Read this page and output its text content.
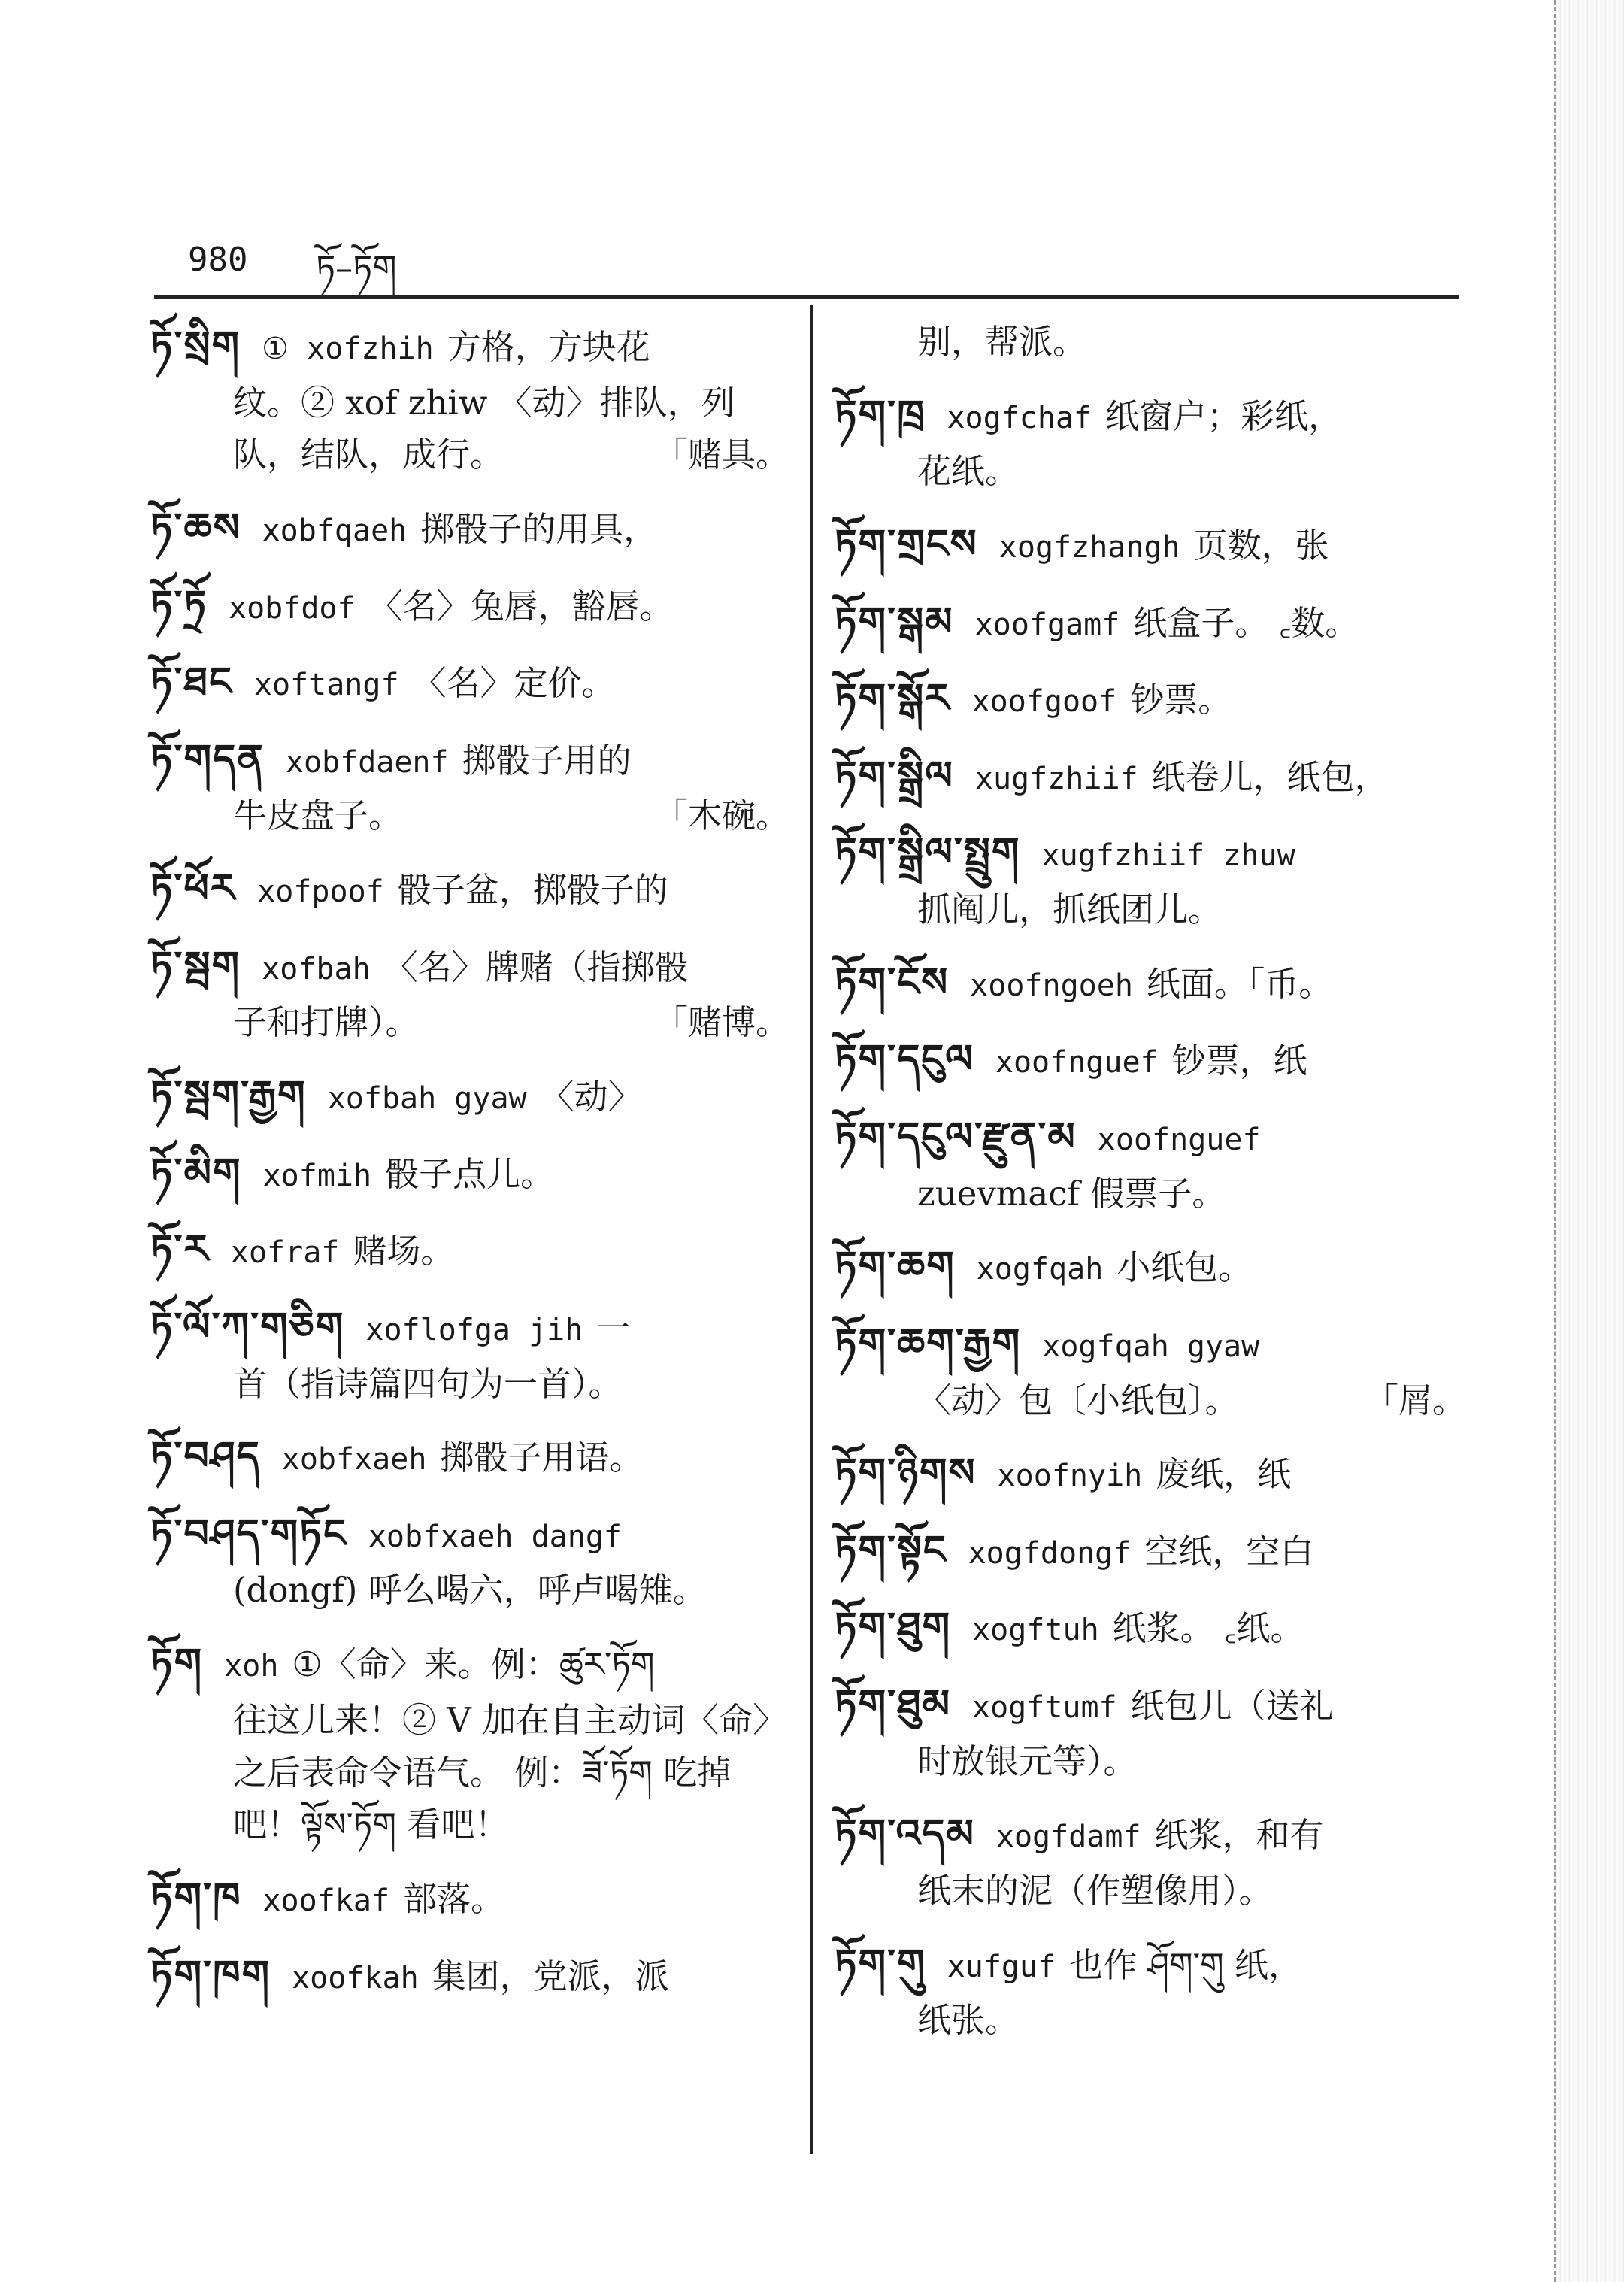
980 ཏོ–ཏོག
ཏོ་སྲིག ① xofzhih 方格，方块花
纹。② xof zhiw 〈动〉排队，列队，结队，成行。	「赌具。
ཏོ་ཆས xobfqaeh 掷骰子的用具，
ཏོ་ཏྲོ xobfdof 〈名〉兔唇，豁唇。
ཏོ་ཐང xoftangf 〈名〉定价。
ཏོ་གདན xobfdaenf 掷骰子用的
牛皮盘子。	「木碗。
ཏོ་ཕོར xofpoof 骰子盆，掷骰子的
ཏོ་སྦག xofbah 〈名〉牌赌（指掷骰
子和打牌）。	「赌博。
ཏོ་སྦག་རྒྱག xofbah gyaw 〈动〉
ཏོ་མིག xofmih 骰子点儿。
ཏོ་ར xofraf 赌场。
ཏོ་ལོ་ཀ་གཅིག xoflofga jih 一
首（指诗篇四句为一首）。
ཏོ་བཤད xobfxaeh 掷骰子用语。
ཏོ་བཤད་གཏོང xobfxaeh dangf
(dongf) 呼么喝六，呼卢喝雉。
ཏོག xoh ①〈命〉来。例：ཚུར་ཏོག
往这儿来！② Ⅴ 加在自主动词〈命〉之后表命令语气。 例：ཟོ་ཏོག 吃掉吧！ལྟོས་ཏོག 看吧！
ཏོག་ཁ xoofkaf 部落。
ཏོག་ཁག xoofkah 集团，党派，派
别，帮派。
ཏོག་ཁྲ xogfchaf 纸窗户；彩纸，
花纸。
ཏོག་གྲངས xogfzhangh 页数，张
ཏོག་སྒམ xoofgamf 纸盒子。 ꜀数。
ཏོག་སྒོར xoofgoof 钞票。
ཏོག་སྒྲིལ xugfzhiif 纸卷儿，纸包，
ཏོག་སྒྲིལ་སྤྲུག xugfzhiif zhuw
抓阄儿，抓纸团儿。
ཏོག་ངོས xoofngoeh 纸面。「币。
ཏོག་དངུལ xoofnguef 钞票，纸
ཏོག་དངུལ་རྫུན་མ xoofnguef
zuevmacf 假票子。
ཏོག་ཆག xogfqah 小纸包。
ཏོག་ཆག་རྒྱག xogfqah gyaw
〈动〉包〔小纸包〕。	「屑。
ཏོག་ཉིགས xoofnyih 废纸，纸
ཏོག་སྟོང xogfdongf 空纸，空白
ཏོག་ཐུག xogftuh 纸浆。 ꜀纸。
ཏོག་ཐུམ xogftumf 纸包儿（送礼
时放银元等）。
ཏོག་འདམ xogfdamf 纸浆，和有
纸末的泥（作塑像用）。
ཏོག་གུ xufguf 也作 ཤོག་གུ 纸，
纸张。
